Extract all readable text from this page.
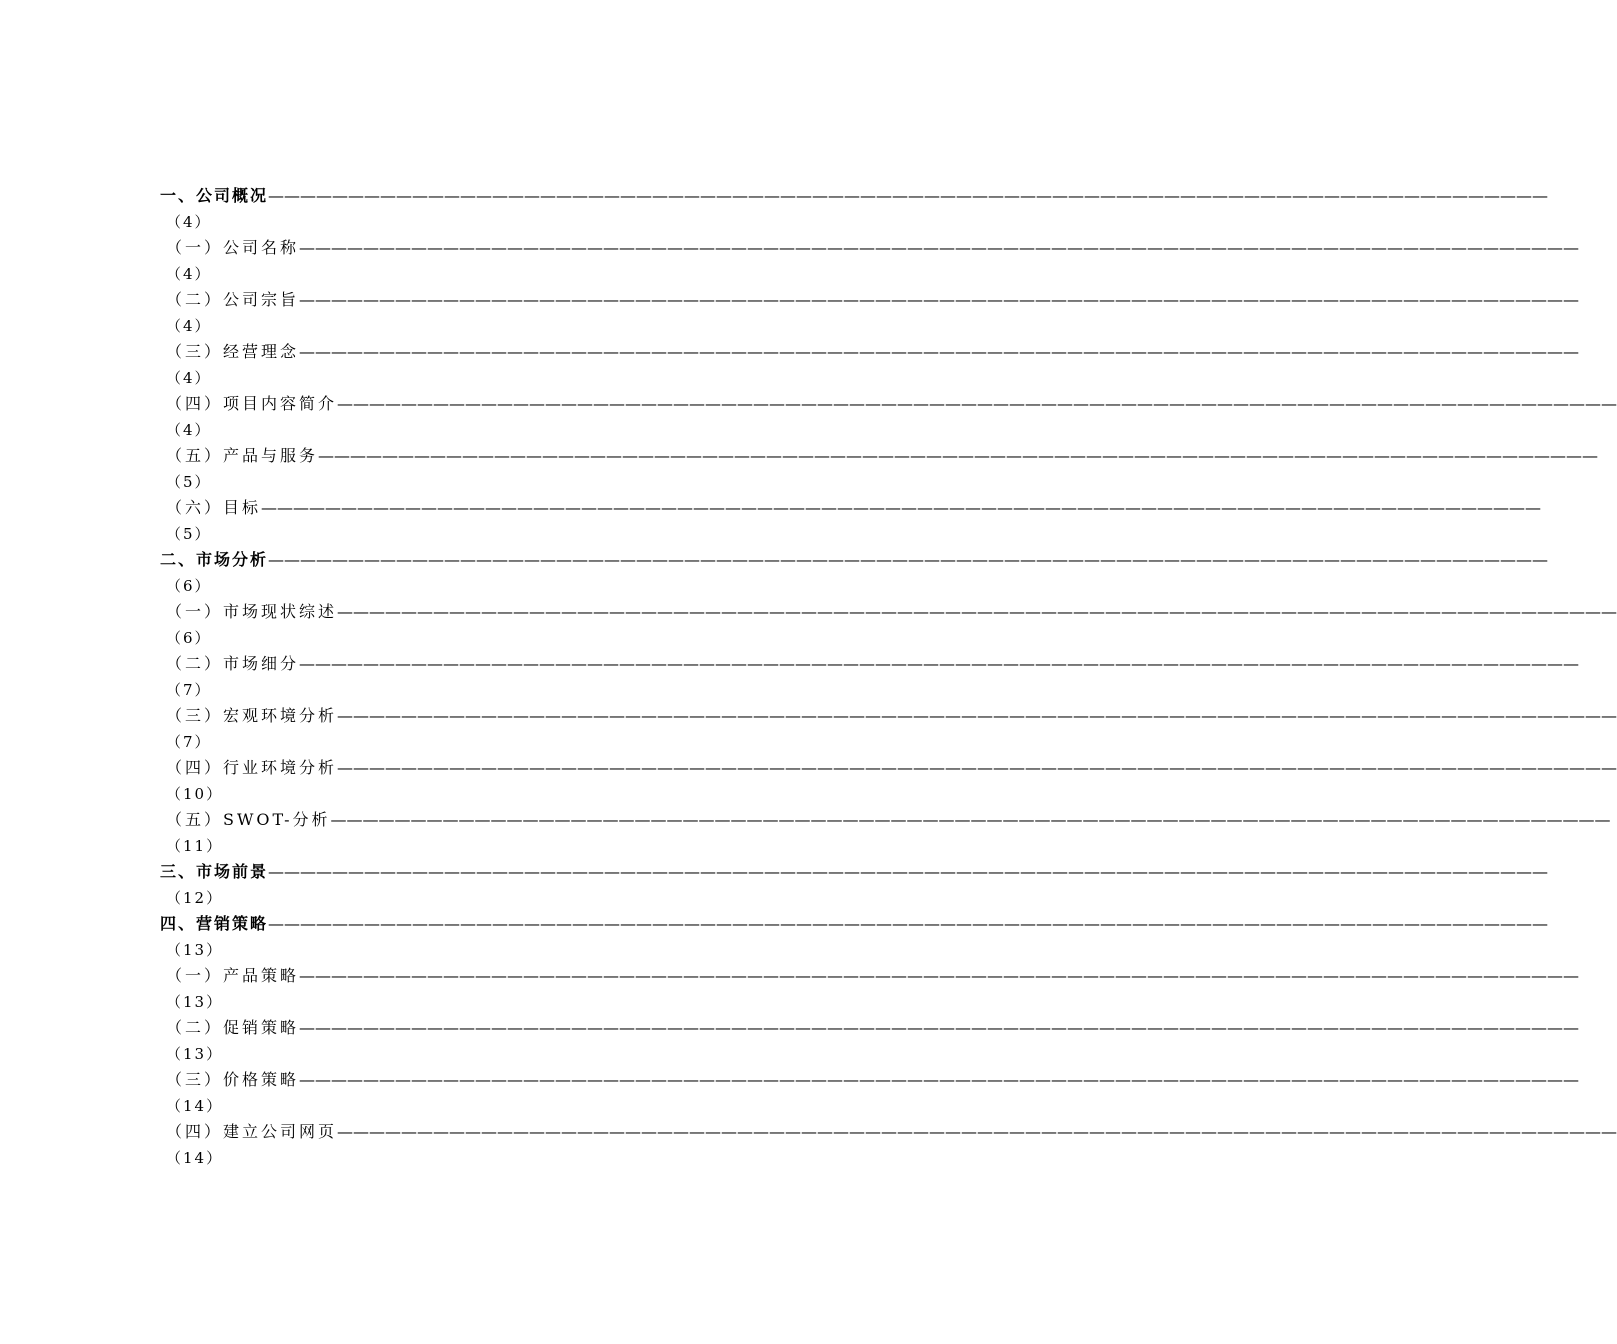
一、公司概况 ————————————————————————————————————————————————————————————————————————————————
（4）
（一）公司名称 ————————————————————————————————————————————————————————————————————————————————
（4）
（二）公司宗旨 ————————————————————————————————————————————————————————————————————————————————
（4）
（三）经营理念 ————————————————————————————————————————————————————————————————————————————————
（4）
（四）项目内容简介 ————————————————————————————————————————————————————————————————————————————————
（4）
（五）产品与服务 ————————————————————————————————————————————————————————————————————————————————
（5）
（六）目标 ————————————————————————————————————————————————————————————————————————————————
（5）
二、市场分析 ————————————————————————————————————————————————————————————————————————————————
（6）
（一）市场现状综述 ————————————————————————————————————————————————————————————————————————————————
（6）
（二）市场细分 ————————————————————————————————————————————————————————————————————————————————
（7）
（三）宏观环境分析 ————————————————————————————————————————————————————————————————————————————————
（7）
（四）行业环境分析 ————————————————————————————————————————————————————————————————————————————————
（10）
（五）SWOT-分析 ————————————————————————————————————————————————————————————————————————————————
（11）
三、市场前景 ————————————————————————————————————————————————————————————————————————————————
（12）
四、营销策略 ————————————————————————————————————————————————————————————————————————————————
（13）
（一）产品策略 ————————————————————————————————————————————————————————————————————————————————
（13）
（二）促销策略 ————————————————————————————————————————————————————————————————————————————————
（13）
（三）价格策略 ————————————————————————————————————————————————————————————————————————————————
（14）
（四）建立公司网页 ————————————————————————————————————————————————————————————————————————————————
（14）
